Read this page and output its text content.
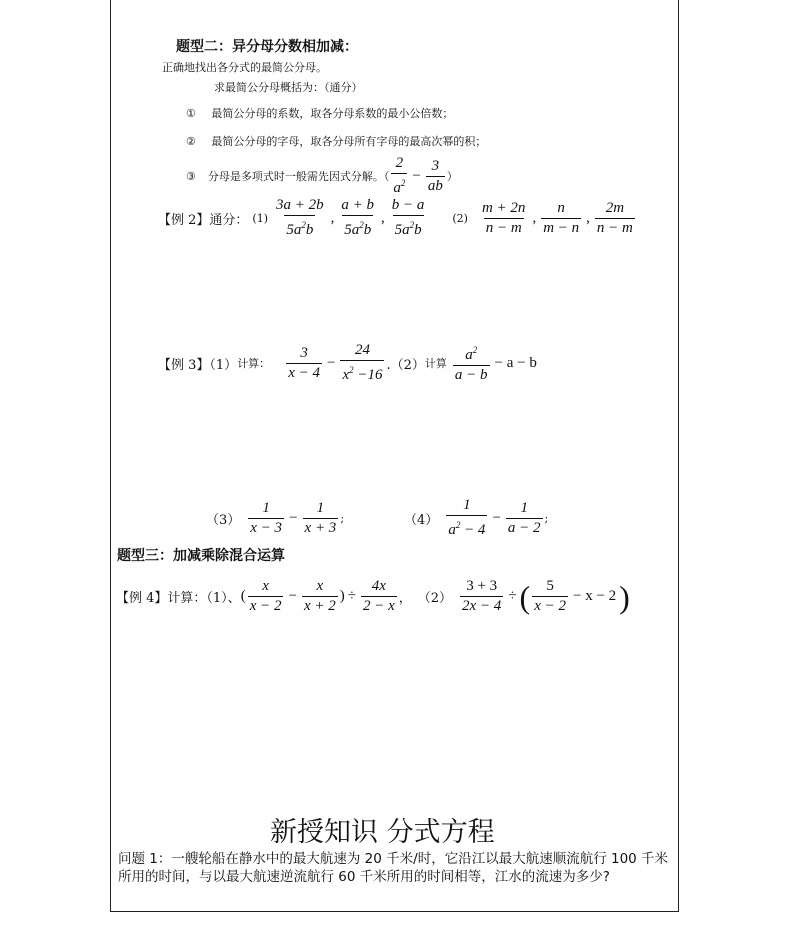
题型二：异分母分数相加减：
正确地找出各分式的最简公分母。
求最简公分母概括为：（通分）
① 最简公分母的系数，取各分母系数的最小公倍数；
② 最简公分母的字母，取各分母所有字母的最高次幂的积；
③ 分母是多项式时一般需先因式分解。（ $\frac{2}{a^2} - \frac{3}{ab}$ ）
【例 2】通分： $(1) \frac{3a + 2b}{5a^2b}$ , $\frac{a + b}{5a^2b}$ , $\frac{b - a}{5a^2b} (2) \frac{m + 2n}{n - m}$ , $\frac{n}{m - n}$ , $\frac{2m}{n - m}$
【例 3】（1） 计算： $\frac{3}{x - 4} - \frac{24}{x^2 -16} .(2)$ 计算 $\frac{a^2}{a - b} - a - b$
$(3) \frac{1}{x - 3} - \frac{1}{x + 3}$ ;	$(4) \frac{1}{a^2 - 4} - \frac{1}{a - 2}$ ;
题型三：加减乘除混合运算
【例 4】计算：（1）、 ( $\frac{x}{x - 2} - \frac{x}{x + 2}$ ) ÷ $\frac{4x}{2 - x}$ ， $(2) \frac{3 + 3}{2x - 4}$ ÷ ( $\frac{5}{x - 2} - x - 2$ )
新授知识 分式方程
问题 1：一艘轮船在静水中的最大航速为 20 千米/时，它沿江以最大航速顺流航行 100 千米所用的时间，与以最大航速逆流航行 60 千米所用的时间相等，江水的流速为多少?
